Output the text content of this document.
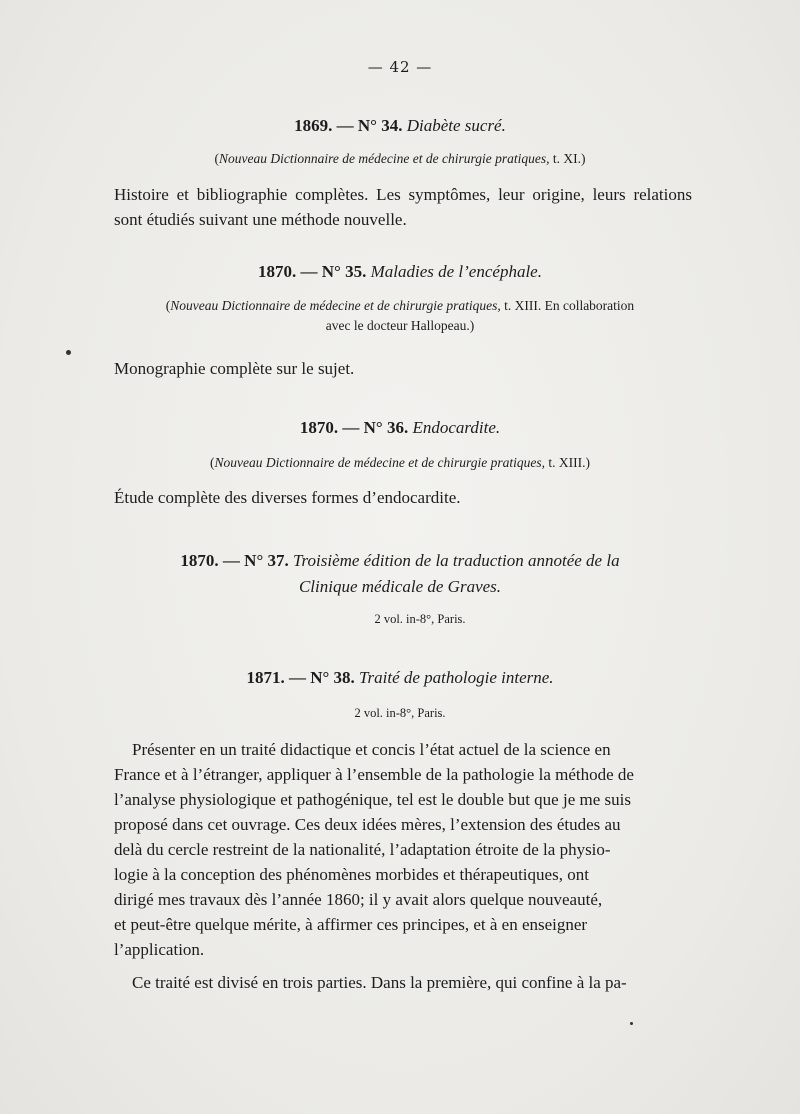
— 42 —
1869. — N° 34. Diabète sucré.
(Nouveau Dictionnaire de médecine et de chirurgie pratiques, t. XI.)
Histoire et bibliographie complètes. Les symptômes, leur origine, leurs relations sont étudiés suivant une méthode nouvelle.
1870. — N° 35. Maladies de l’encéphale.
(Nouveau Dictionnaire de médecine et de chirurgie pratiques, t. XIII. En collaboration
avec le docteur Hallopeau.)
Monographie complète sur le sujet.
1870. — N° 36. Endocardite.
(Nouveau Dictionnaire de médecine et de chirurgie pratiques, t. XIII.)
Étude complète des diverses formes d’endocardite.
1870. — N° 37. Troisième édition de la traduction annotée de la
Clinique médicale de Graves.
2 vol. in-8°, Paris.
1871. — N° 38. Traité de pathologie interne.
2 vol. in-8°, Paris.
Présenter en un traité didactique et concis l’état actuel de la science en
France et à l’étranger, appliquer à l’ensemble de la pathologie la méthode de
l’analyse physiologique et pathogénique, tel est le double but que je me suis
proposé dans cet ouvrage. Ces deux idées mères, l’extension des études au
delà du cercle restreint de la nationalité, l’adaptation étroite de la physio-
logie à la conception des phénomènes morbides et thérapeutiques, ont
dirigé mes travaux dès l’année 1860; il y avait alors quelque nouveauté,
et peut-être quelque mérite, à affirmer ces principes, et à en enseigner
l’application.
Ce traité est divisé en trois parties. Dans la première, qui confine à la pa-
